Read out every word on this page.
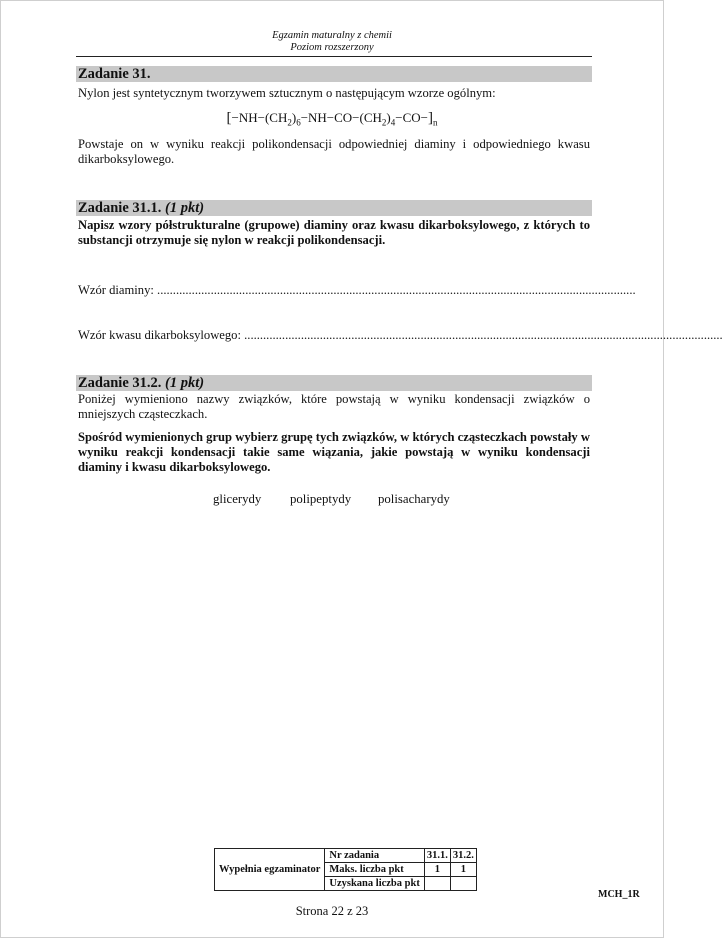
Egzamin maturalny z chemii
Poziom rozszerzony
Zadanie 31.
Nylon jest syntetycznym tworzywem sztucznym o następującym wzorze ogólnym:
$[-NH-(CH_2)_6-NH-CO-(CH_2)_4-CO-]_n$
Powstaje on w wyniku reakcji polikondensacji odpowiedniej diaminy i odpowiedniego kwasu dikarboksylowego.
Zadanie 31.1. (1 pkt)
Napisz wzory półstrukturalne (grupowe) diaminy oraz kwasu dikarboksylowego, z których to substancji otrzymuje się nylon w reakcji polikondensacji.
Wzór diaminy: ........................................................................................................................................................
Wzór kwasu dikarboksylowego: ........................................................................................................................................................
Zadanie 31.2. (1 pkt)
Poniżej wymieniono nazwy związków, które powstają w wyniku kondensacji związków o mniejszych cząsteczkach.
Spośród wymienionych grup wybierz grupę tych związków, w których cząsteczkach powstały w wyniku reakcji kondensacji takie same wiązania, jakie powstają w wyniku kondensacji diaminy i kwasu dikarboksylowego.
glicerydy polipeptydy polisacharydy
Wypełnia egzaminator	Nr zadania	31.1.	31.2.
	Maks. liczba pkt	1	1
	Uzyskana liczba pkt		
MCH_1R
Strona 22 z 23
